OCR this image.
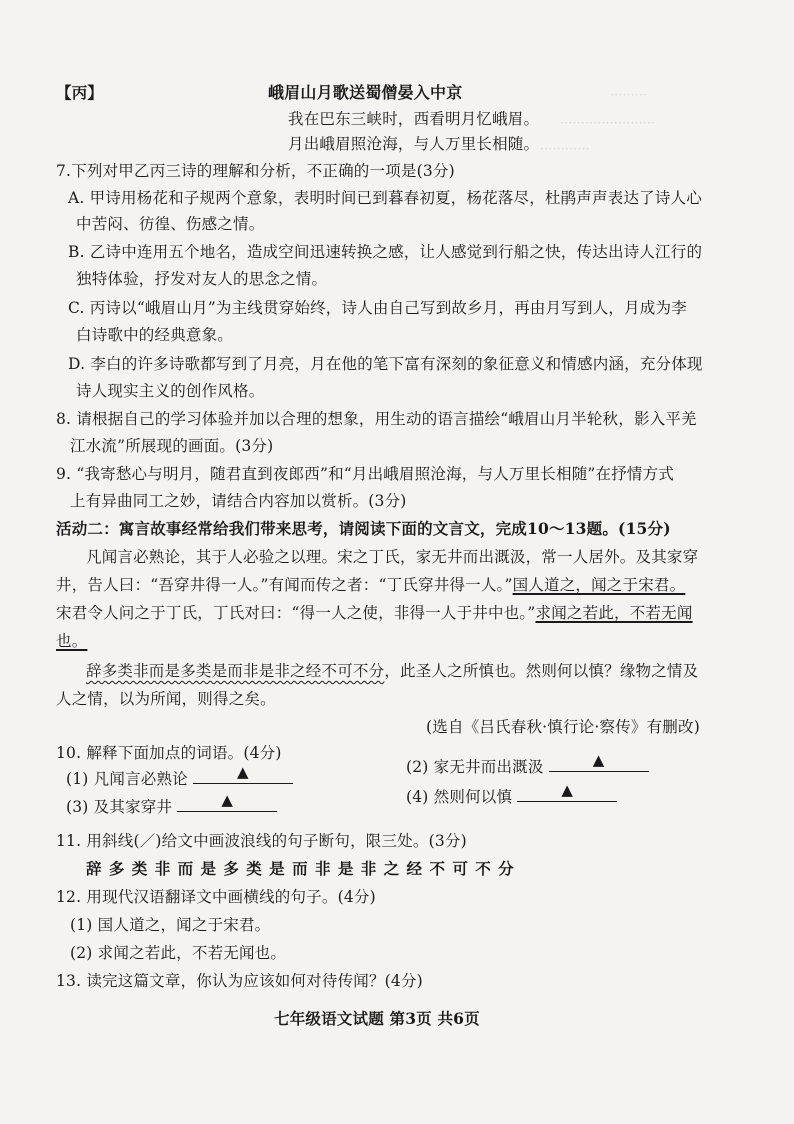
·········
·······················
············
【丙】	峨眉山月歌送蜀僧晏入中京
我在巴东三峡时，西看明月忆峨眉。
月出峨眉照沧海，与人万里长相随。
7.下列对甲乙丙三诗的理解和分析，不正确的一项是(3分)
A. 甲诗用杨花和子规两个意象，表明时间已到暮春初夏，杨花落尽，杜鹃声声表达了诗人心
中苦闷、彷徨、伤感之情。
B. 乙诗中连用五个地名，造成空间迅速转换之感，让人感觉到行船之快，传达出诗人江行的
独特体验，抒发对友人的思念之情。
C. 丙诗以“峨眉山月”为主线贯穿始终，诗人由自己写到故乡月，再由月写到人，月成为李
白诗歌中的经典意象。
D. 李白的许多诗歌都写到了月亮，月在他的笔下富有深刻的象征意义和情感内涵，充分体现
诗人现实主义的创作风格。
8. 请根据自己的学习体验并加以合理的想象，用生动的语言描绘“峨眉山月半轮秋，影入平羌
江水流”所展现的画面。(3分)
9. “我寄愁心与明月，随君直到夜郎西”和“月出峨眉照沧海，与人万里长相随”在抒情方式
上有异曲同工之妙，请结合内容加以赏析。(3分)
活动二：寓言故事经常给我们带来思考，请阅读下面的文言文，完成10～13题。(15分)
凡闻言必熟论，其于人必验之以理。宋之丁氏，家无井而出溉汲，常一人居外。及其家穿
井，告人曰：“吾穿井得一人。”有闻而传之者：“丁氏穿井得一人。”国人道之，闻之于宋君。
宋君令人问之于丁氏，丁氏对曰：“得一人之使，非得一人于井中也。”求闻之若此，不若无闻
也。
辞多类非而是多类是而非是非之经不可不分，此圣人之所慎也。然则何以慎？缘物之情及
人之情，以为所闻，则得之矣。
(选自《吕氏春秋·慎行论·察传》有删改)
10. 解释下面加点的词语。(4分)
(1) 凡闻言必熟论	▲	(2) 家无井而出溉汲	▲
(3) 及其家穿井	▲	(4) 然则何以慎	▲
11. 用斜线(／)给文中画波浪线的句子断句，限三处。(3分)
辞 多 类 非 而 是 多 类 是 而 非 是 非 之 经 不 可 不 分
12. 用现代汉语翻译文中画横线的句子。(4分)
(1) 国人道之，闻之于宋君。
(2) 求闻之若此，不若无闻也。
13. 读完这篇文章，你认为应该如何对待传闻？(4分)
七年级语文试题 第3页 共6页
